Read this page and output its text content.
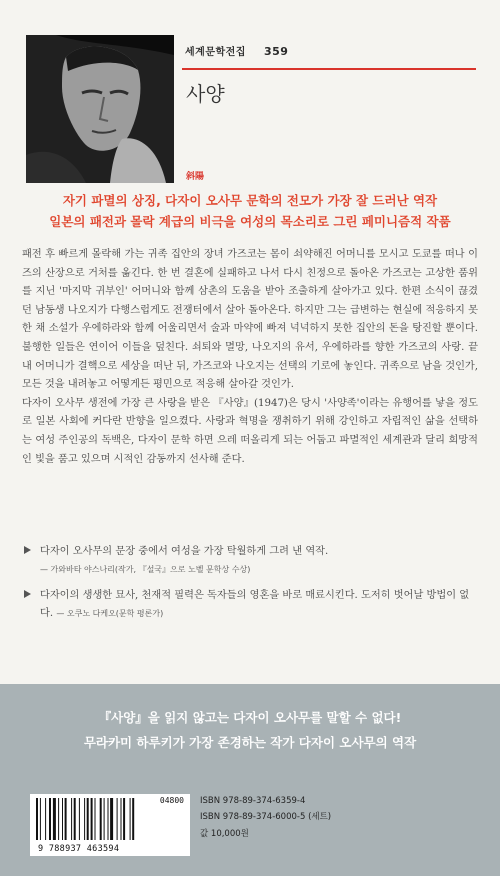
세계문학전집 359
사양
斜陽
자기 파멸의 상징, 다자이 오사무 문학의 전모가 가장 잘 드러난 역작
일본의 패전과 몰락 계급의 비극을 여성의 목소리로 그린 페미니즘적 작품

패전 후 빠르게 몰락해 가는 귀족 집안의 장녀 가즈코는 몸이 쇠약해진 어머니를 모시고 도쿄를 떠나 이즈의 산장으로 거처를 옮긴다. 한 번 결혼에 실패하고 나서 다시 친정으로 돌아온 가즈코는 고상한 품위를 지닌 '마지막 귀부인' 어머니와 함께 삼촌의 도움을 받아 조출하게 살아가고 있다. 한편 소식이 끊겼던 남동생 나오지가 다행스럽게도 전쟁터에서 살아 돌아온다. 하지만 그는 급변하는 현실에 적응하지 못한 채 소설가 우에하라와 함께 어울리면서 술과 마약에 빠져 넉넉하지 못한 집안의 돈을 탕진할 뿐이다. 불행한 일들은 연이어 이들을 덮친다. 쇠퇴와 멸망, 나오지의 유서, 우에하라를 향한 가즈코의 사랑. 끝내 어머니가 결핵으로 세상을 떠난 뒤, 가즈코와 나오지는 선택의 기로에 놓인다. 귀족으로 남을 것인가, 모든 것을 내려놓고 어떻게든 평민으로 적응해 살아갈 것인가.

다자이 오사무 생전에 가장 큰 사랑을 받은 『사양』(1947)은 당시 '사양족'이라는 유행어를 낳을 정도로 일본 사회에 커다란 반향을 일으켰다. 사랑과 혁명을 쟁취하기 위해 강인하고 자립적인 삶을 선택하는 여성 주인공의 독백은, 다자이 문학 하면 으레 떠올리게 되는 어둡고 파멸적인 세계관과 달리 희망적인 빛을 품고 있으며 시적인 감동까지 선사해 준다.

다자이 오사무의 문장 중에서 여성을 가장 탁월하게 그려 낸 역작.
— 가와바타 야스나리(작가, 『설국』으로 노벨 문학상 수상)
다자이의 생생한 묘사, 천재적 필력은 독자들의 영혼을 바로 매료시킨다. 도저히 벗어날 방법이 없다. — 오쿠노 다케오(문학 평론가)
『사양』을 읽지 않고는 다자이 오사무를 말할 수 없다!
무라카미 하루키가 가장 존경하는 작가 다자이 오사무의 역작
04800
9 788937 463594
ISBN 978-89-374-6359-4
ISBN 978-89-374-6000-5 (세트)
값 10,000원
